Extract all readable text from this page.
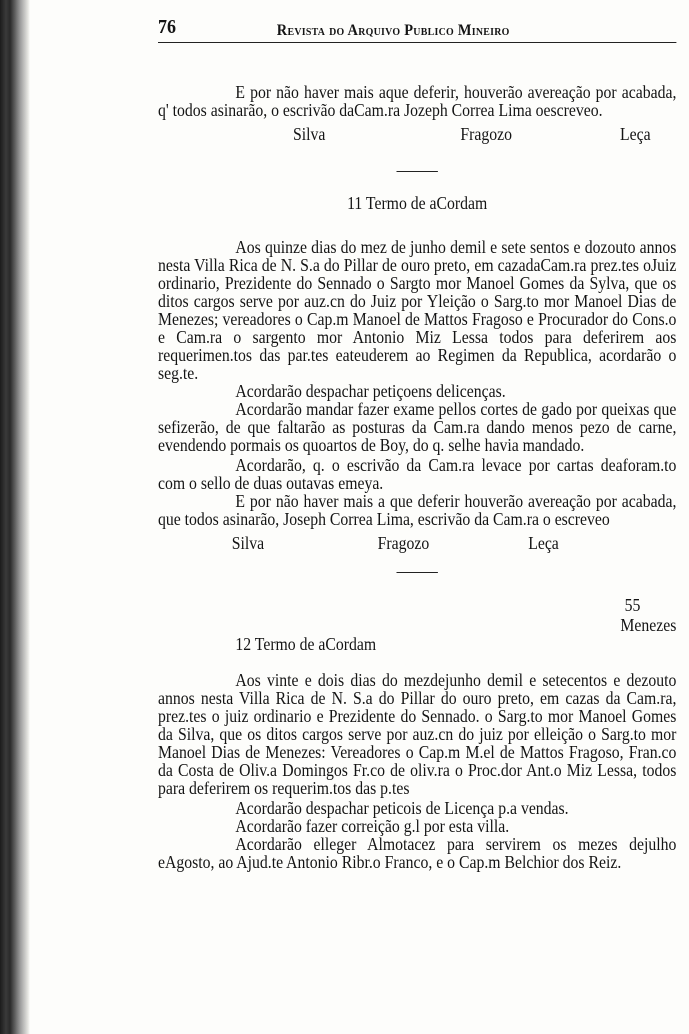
76	Revista do Arquivo Publico Mineiro

E por não haver mais aque deferir, houverão avereação por acabada, q' todos asinarão, o escrivão daCam.ra Jozeph Correa Lima oescreveo.

Silva	Fragozo	Leça
11 Termo de aCordam

Aos quinze dias do mez de junho demil e sete sentos e dozouto annos nesta Villa Rica de N. S.a do Pillar de ouro preto, em cazadaCam.ra prez.tes oJuiz ordinario, Prezidente do Sennado o Sargto mor Manoel Gomes da Sylva, que os ditos cargos serve por auz.cn do Juiz por Yleição o Sarg.to mor Manoel Dias de Menezes; vereadores o Cap.m Manoel de Mattos Fragoso e Procurador do Cons.o e Cam.ra o sargento mor Antonio Miz Lessa todos para deferirem aos requerimen.tos das par.tes eateuderem ao Regimen da Republica, acordarão o seg.te.

Acordarão despachar petiçoens delicenças.

Acordarão mandar fazer exame pellos cortes de gado por queixas que sefizerão, de que faltarão as posturas da Cam.ra dando menos pezo de carne, evendendo pormais os quoartos de Boy, do q. selhe havia mandado.

Acordarão, q. o escrivão da Cam.ra levace por cartas deaforam.to com o sello de duas outavas emeya.

E por não haver mais a que deferir houverão avereação por acabada, que todos asinarão, Joseph Correa Lima, escrivão da Cam.ra o escreveo

Silva	Fragozo	Leça
55
Menezes
12 Termo de aCordam

Aos vinte e dois dias do mezdejunho demil e setecentos e dezouto annos nesta Villa Rica de N. S.a do Pillar do ouro preto, em cazas da Cam.ra, prez.tes o juiz ordinario e Prezidente do Sennado. o Sarg.to mor Manoel Gomes da Silva, que os ditos cargos serve por auz.cn do juiz por elleição o Sarg.to mor Manoel Dias de Menezes: Vereadores o Cap.m M.el de Mattos Fragoso, Fran.co da Costa de Oliv.a Domingos Fr.co de oliv.ra o Proc.dor Ant.o Miz Lessa, todos para deferirem os requerim.tos das p.tes

Acordarão despachar peticois de Licença p.a vendas.

Acordarão fazer correição g.l por esta villa.

Acordarão elleger Almotacez para servirem os mezes dejulho eAgosto, ao Ajud.te Antonio Ribr.o Franco, e o Cap.m Belchior dos Reiz.
